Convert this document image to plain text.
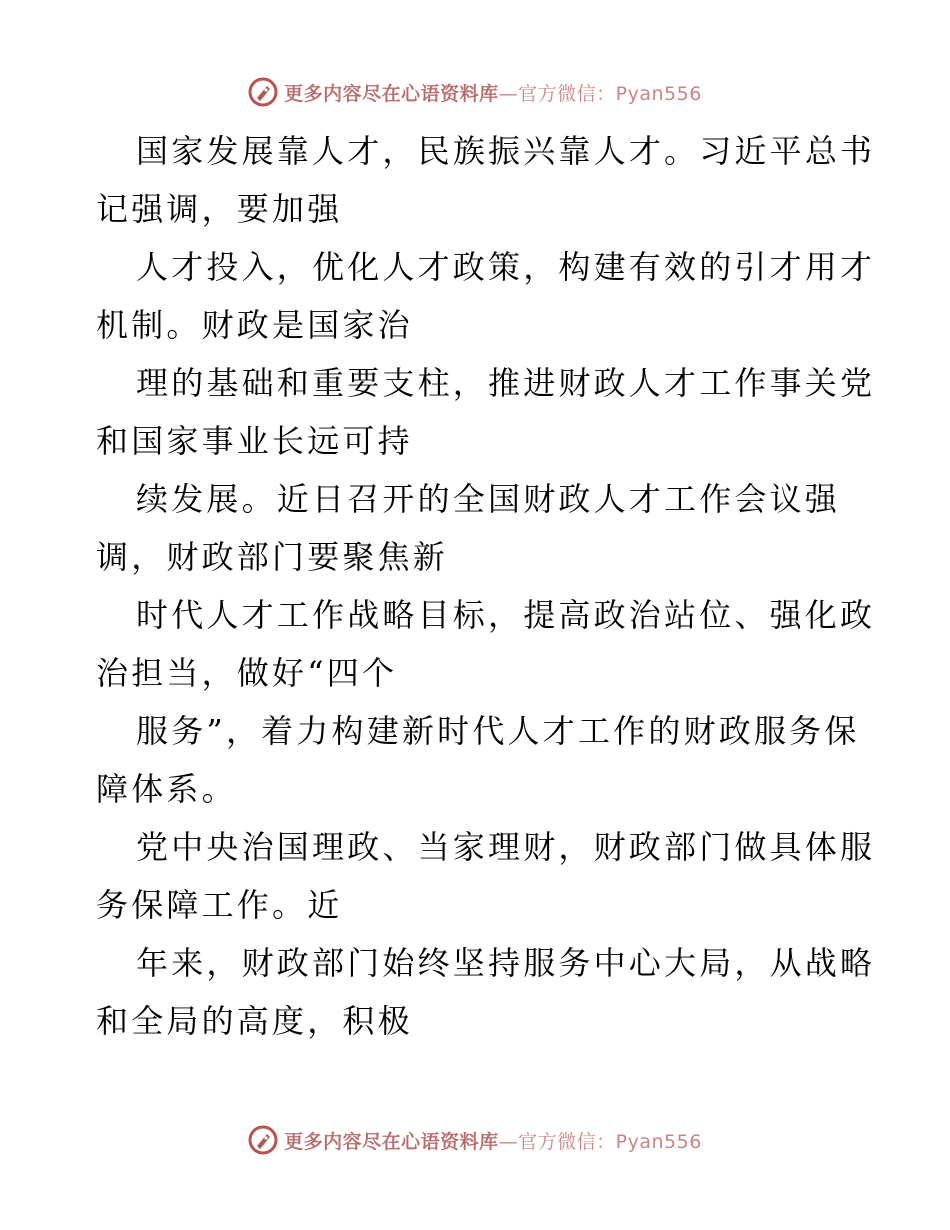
更多内容尽在心语资料库—官方微信：Pyan556

国家发展靠人才，民族振兴靠人才。习近平总书
记强调，要加强

人才投入，优化人才政策，构建有效的引才用才
机制。财政是国家治

理的基础和重要支柱，推进财政人才工作事关党
和国家事业长远可持

续发展。近日召开的全国财政人才工作会议强
调，财政部门要聚焦新

时代人才工作战略目标，提高政治站位、强化政
治担当，做好“四个

服务”，着力构建新时代人才工作的财政服务保
障体系。

党中央治国理政、当家理财，财政部门做具体服
务保障工作。近

年来，财政部门始终坚持服务中心大局，从战略
和全局的高度，积极

更多内容尽在心语资料库—官方微信：Pyan556
